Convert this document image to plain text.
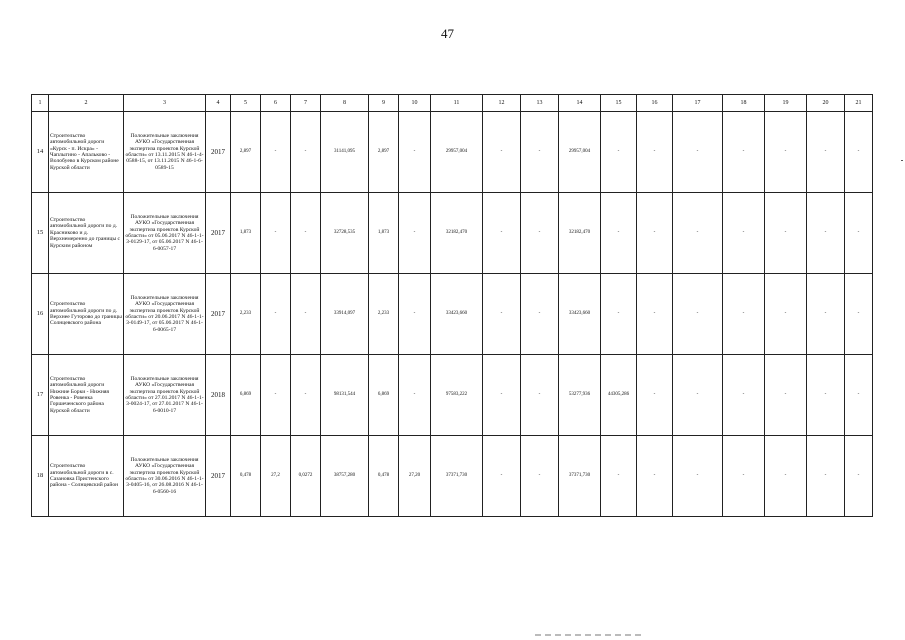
47
1	2	3	4	5	6	7	8	9	10	11	12	13	14	15	16	17	18	19	20	21
14	Строительство автомобильной дороги «Курск - п. Искра» - Чаплыгино - Апальково - Волобуево в Курском районе Курской области	Положительные заключения АУКО «Государственная экспертиза проектов Курской области» от 13.11.2015 N 46-1-4-0588-15, от 13.11.2015 N 46-1-6-0589-15	2017	2,897	-	-	31141,095	2,897	-	29957,004	-	-	29957,004	-	-	-	-	-	-	-
15	Строительство автомобильной дороги по д. Красниково и д. Верхнемеренно до границы с Курским районом	Положительные заключения АУКО «Государственная экспертиза проектов Курской области» от 05.06.2017 N 46-1-1-3-0129-17, от 05.06.2017 N 46-1-6-0057-17	2017	1,873	-	-	32728,535	1,873	-	32182,470	-	-	32182,470	-	-	-	-	-	-	-
16	Строительство автомобильной дороги по д. Верхнее Гуторово до границы Солнцевского района	Положительные заключения АУКО «Государственная экспертиза проектов Курской области» от 20.06.2017 N 46-1-1-3-0149-17, от 05.06.2017 N 46-1-6-0065-17	2017	2,233	-	-	33914,097	2,233	-	33423,660	-	-	33423,660	-	-	-	-	-	-	-
17	Строительство автомобильной дороги Нижние Борки - Нижняя Ровенка - Ровенка Горшеченского района Курской области	Положительные заключения АУКО «Государственная экспертиза проектов Курской области» от 27.01.2017 N 46-1-1-3-0024-17, от 27.01.2017 N 46-1-6-0010-17	2018	6,869	-	-	98131,544	6,869	-	97583,222	-	-	53277,936	44305,286	-	-	-	-	-	-
18	Строительство автомобильной дороги в с. Сазановка Пристенского района - Солнцевский район	Положительные заключения АУКО «Государственная экспертиза проектов Курской области» от 30.06.2016 N 46-1-1-3-0405-16, от 26.08.2016 N 46-1-6-0560-16	2017	0,478	27,2	0,0272	38757,280	0,478	27,20	37371,730	-	-	37371,730	-	-	-	-	-	-	-
